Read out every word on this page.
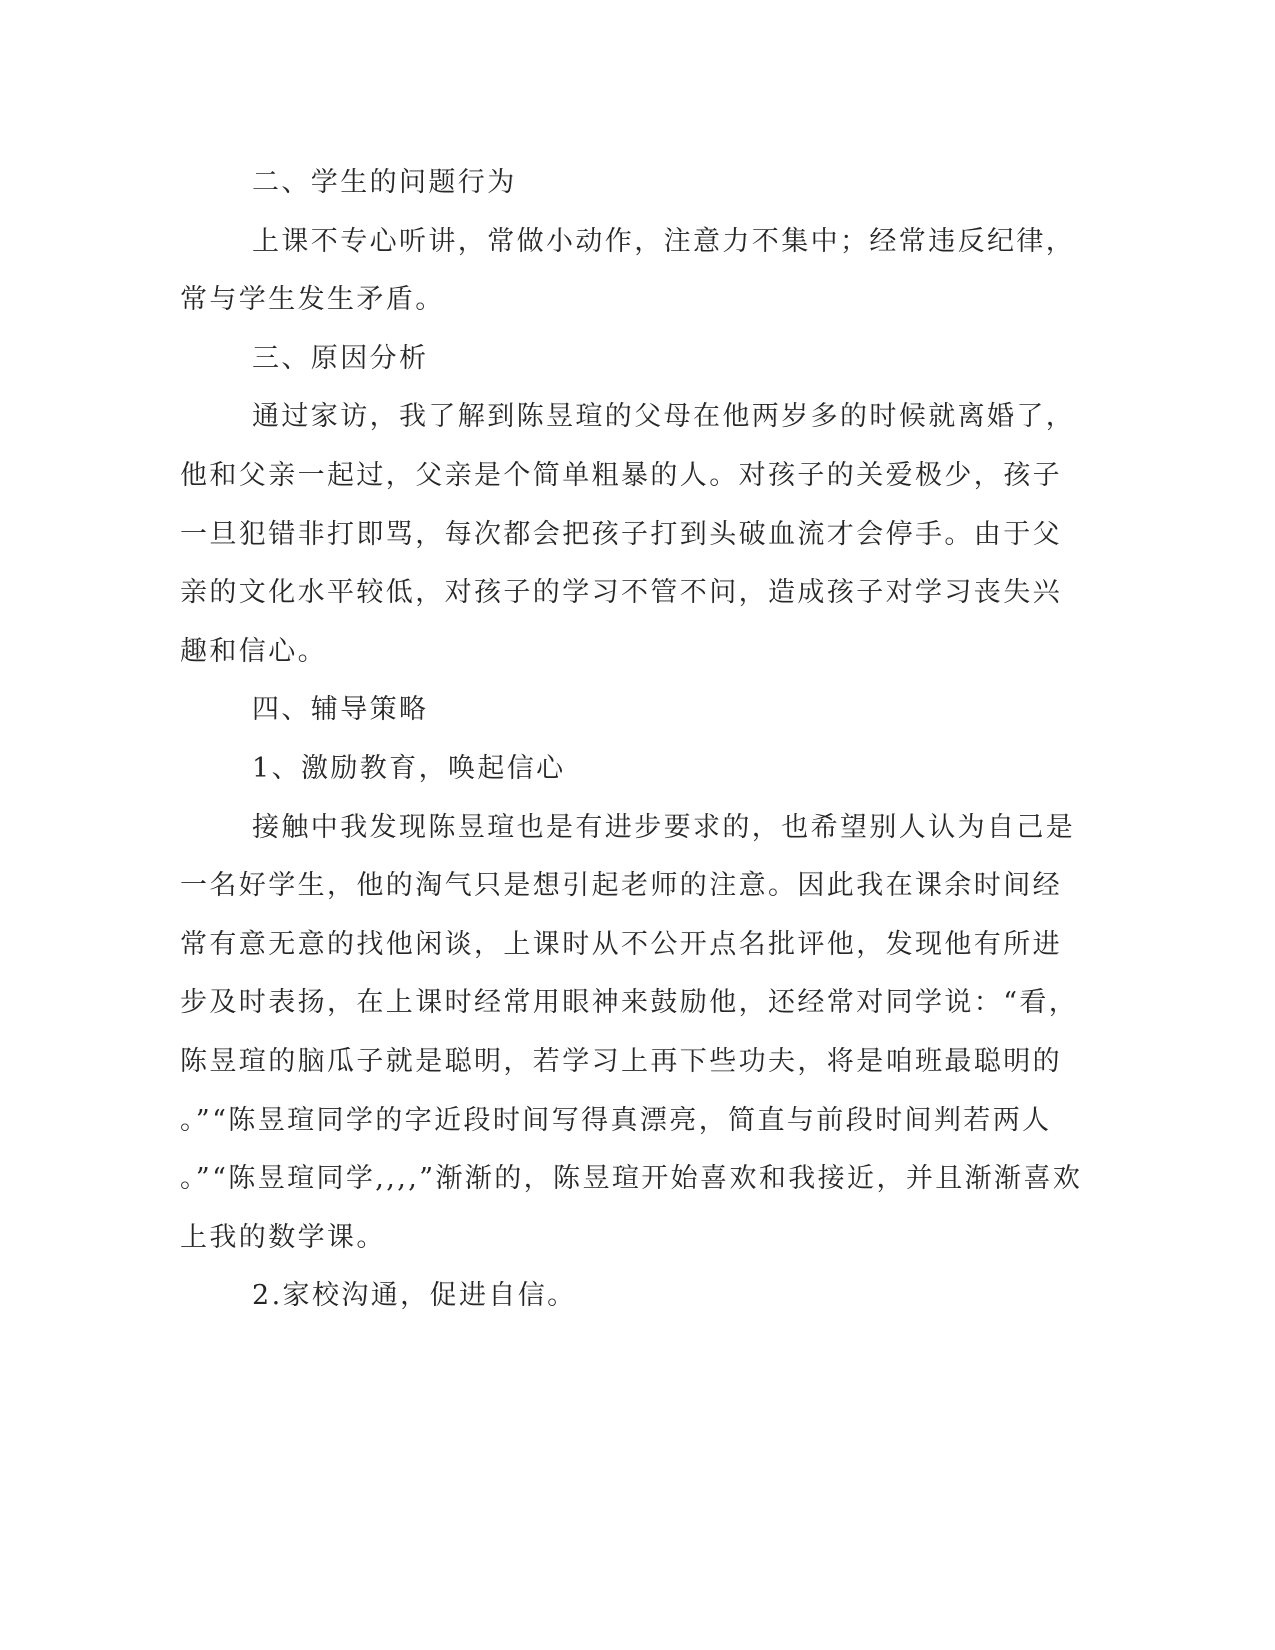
二、学生的问题行为
上课不专心听讲，常做小动作，注意力不集中；经常违反纪律，
常与学生发生矛盾。
三、原因分析
通过家访，我了解到陈昱瑄的父母在他两岁多的时候就离婚了，
他和父亲一起过，父亲是个简单粗暴的人。对孩子的关爱极少，孩子
一旦犯错非打即骂，每次都会把孩子打到头破血流才会停手。由于父
亲的文化水平较低，对孩子的学习不管不问，造成孩子对学习丧失兴
趣和信心。
四、辅导策略
1、激励教育，唤起信心
接触中我发现陈昱瑄也是有进步要求的，也希望别人认为自己是
一名好学生，他的淘气只是想引起老师的注意。因此我在课余时间经
常有意无意的找他闲谈，上课时从不公开点名批评他，发现他有所进
步及时表扬，在上课时经常用眼神来鼓励他，还经常对同学说：“看，
陈昱瑄的脑瓜子就是聪明，若学习上再下些功夫，将是咱班最聪明的
。”“陈昱瑄同学的字近段时间写得真漂亮，简直与前段时间判若两人
。”“陈昱瑄同学,,,,”渐渐的，陈昱瑄开始喜欢和我接近，并且渐渐喜欢
上我的数学课。
2.家校沟通，促进自信。
